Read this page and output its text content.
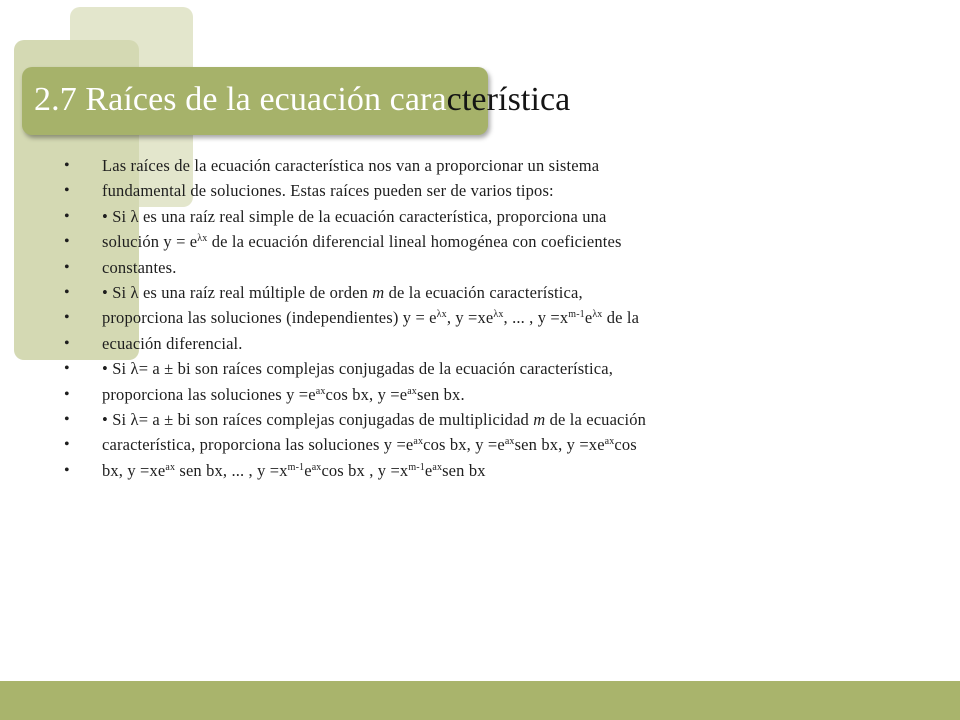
2.7 Raíces de la ecuación característica
• Las raíces de la ecuación característica nos van a proporcionar un sistema
• fundamental de soluciones. Estas raíces pueden ser de varios tipos:
• • Si λ es una raíz real simple de la ecuación característica, proporciona una
• solución $y = e^{\lambda x}$ de la ecuación diferencial lineal homogénea con coeficientes
• constantes.
• • Si λ es una raíz real múltiple de orden m de la ecuación característica,
• proporciona las soluciones (independientes) $y = e^{\lambda x}$, $y =xe^{\lambda x}$, ... , $y =x^{m-1}e^{\lambda x}$ de la
• ecuación diferencial.
• • Si λ= a ± bi son raíces complejas conjugadas de la ecuación característica,
• proporciona las soluciones $y =e^{ax}\cos$ bx, $y =e^{ax}sen$ bx.
• • Si λ= a ± bi son raíces complejas conjugadas de multiplicidad m de la ecuación
• característica, proporciona las soluciones $y =e^{ax}\cos$ bx, $y =e^{ax}sen$ bx, $y =xe^{ax}\cos$
• bx, $y =xe^{ax}$ sen bx, ... , $y =x^{m-1}e^{ax}\cos$ bx , $y =x^{m-1}e^{ax}sen$ bx
